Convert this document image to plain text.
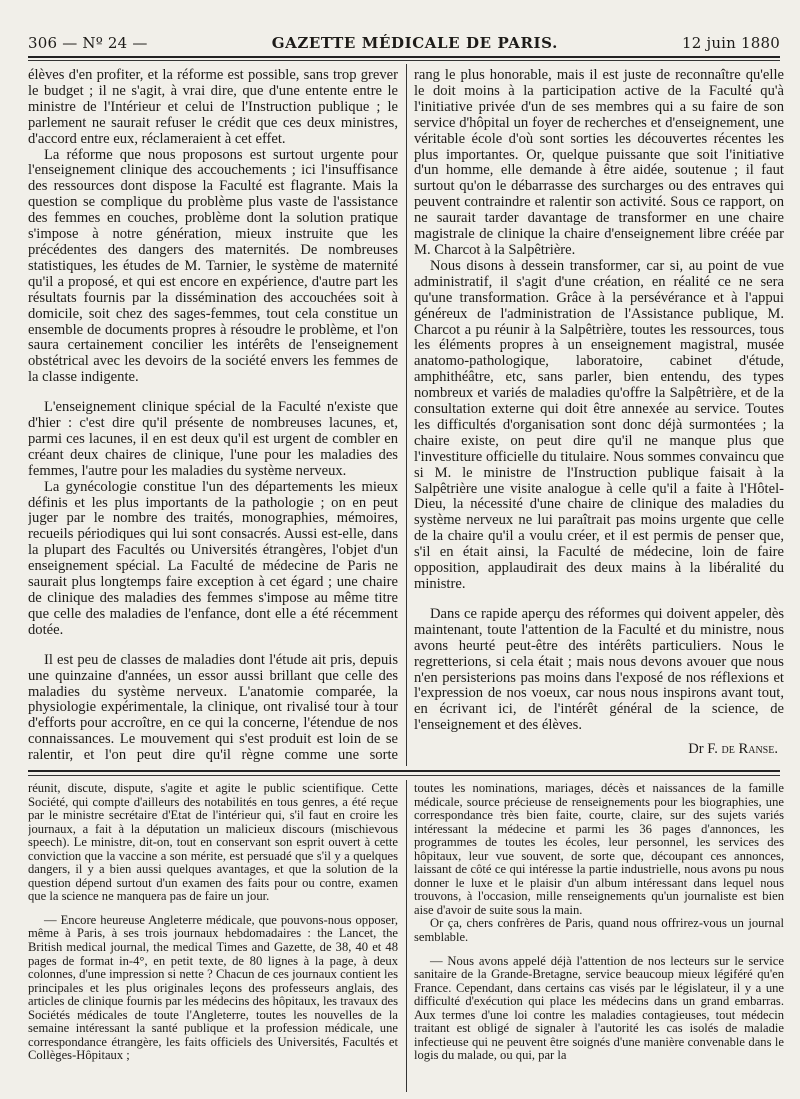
306 — Nº 24 —	GAZETTE MÉDICALE DE PARIS.	12 juin 1880

élèves d'en profiter, et la réforme est possible, sans trop grever le budget ; il ne s'agit, à vrai dire, que d'une entente entre le ministre de l'Intérieur et celui de l'Instruction publique ; le parlement ne saurait refuser le crédit que ces deux ministres, d'accord entre eux, réclameraient à cet effet.

La réforme que nous proposons est surtout urgente pour l'enseignement clinique des accouchements ; ici l'insuffisance des ressources dont dispose la Faculté est flagrante. Mais la question se complique du problème plus vaste de l'assistance des femmes en couches, problème dont la solution pratique s'impose à notre génération, mieux instruite que les précédentes des dangers des maternités. De nombreuses statistiques, les études de M. Tarnier, le système de maternité qu'il a proposé, et qui est encore en expérience, d'autre part les résultats fournis par la dissémination des accouchées soit à domicile, soit chez des sages-femmes, tout cela constitue un ensemble de documents propres à résoudre le problème, et l'on saura certainement concilier les intérêts de l'enseignement obstétrical avec les devoirs de la société envers les femmes de la classe indigente.

L'enseignement clinique spécial de la Faculté n'existe que d'hier : c'est dire qu'il présente de nombreuses lacunes, et, parmi ces lacunes, il en est deux qu'il est urgent de combler en créant deux chaires de clinique, l'une pour les maladies des femmes, l'autre pour les maladies du système nerveux.

La gynécologie constitue l'un des départements les mieux définis et les plus importants de la pathologie ; on en peut juger par le nombre des traités, monographies, mémoires, recueils périodiques qui lui sont consacrés. Aussi est-elle, dans la plupart des Facultés ou Universités étrangères, l'objet d'un enseignement spécial. La Faculté de médecine de Paris ne saurait plus longtemps faire exception à cet égard ; une chaire de clinique des maladies des femmes s'impose au même titre que celle des maladies de l'enfance, dont elle a été récemment dotée.

Il est peu de classes de maladies dont l'étude ait pris, depuis une quinzaine d'années, un essor aussi brillant que celle des maladies du système nerveux. L'anatomie comparée, la physiologie expérimentale, la clinique, ont rivalisé tour à tour d'efforts pour accroître, en ce qui la concerne, l'étendue de nos connaissances. Le mouvement qui s'est produit est loin de se ralentir, et l'on peut dire qu'il règne comme une sorte

rang le plus honorable, mais il est juste de reconnaître qu'elle le doit moins à la participation active de la Faculté qu'à l'initiative privée d'un de ses membres qui a su faire de son service d'hôpital un foyer de recherches et d'enseignement, une véritable école d'où sont sorties les découvertes récentes les plus importantes. Or, quelque puissante que soit l'initiative d'un homme, elle demande à être aidée, soutenue ; il faut surtout qu'on le débarrasse des surcharges ou des entraves qui peuvent contraindre et ralentir son activité. Sous ce rapport, on ne saurait tarder davantage de transformer en une chaire magistrale de clinique la chaire d'enseignement libre créée par M. Charcot à la Salpêtrière.

Nous disons à dessein transformer, car si, au point de vue administratif, il s'agit d'une création, en réalité ce ne sera qu'une transformation. Grâce à la persévérance et à l'appui généreux de l'administration de l'Assistance publique, M. Charcot a pu réunir à la Salpêtrière, toutes les ressources, tous les éléments propres à un enseignement magistral, musée anatomo-pathologique, laboratoire, cabinet d'étude, amphithéâtre, etc, sans parler, bien entendu, des types nombreux et variés de maladies qu'offre la Salpêtrière, et de la consultation externe qui doit être annexée au service. Toutes les difficultés d'organisation sont donc déjà surmontées ; la chaire existe, on peut dire qu'il ne manque plus que l'investiture officielle du titulaire. Nous sommes convaincu que si M. le ministre de l'Instruction publique faisait à la Salpêtrière une visite analogue à celle qu'il a faite à l'Hôtel-Dieu, la nécessité d'une chaire de clinique des maladies du système nerveux ne lui paraîtrait pas moins urgente que celle de la chaire qu'il a voulu créer, et il est permis de penser que, s'il en était ainsi, la Faculté de médecine, loin de faire opposition, applaudirait des deux mains à la libéralité du ministre.

Dans ce rapide aperçu des réformes qui doivent appeler, dès maintenant, toute l'attention de la Faculté et du ministre, nous avons heurté peut-être des intérêts particuliers. Nous le regretterions, si cela était ; mais nous devons avouer que nous n'en persisterions pas moins dans l'exposé de nos réflexions et l'expression de nos voeux, car nous nous inspirons avant tout, en écrivant ici, de l'intérêt général de la science, de l'enseignement et des élèves.

Dr F. de Ranse.

réunit, discute, dispute, s'agite et agite le public scientifique. Cette Société, qui compte d'ailleurs des notabilités en tous genres, a été reçue par le ministre secrétaire d'Etat de l'intérieur qui, s'il faut en croire les journaux, a fait à la députation un malicieux discours (mischievous speech). Le ministre, dit-on, tout en conservant son esprit ouvert à cette conviction que la vaccine a son mérite, est persuadé que s'il y a quelques dangers, il y a bien aussi quelques avantages, et que la solution de la question dépend surtout d'un examen des faits pour ou contre, examen que la science ne manquera pas de faire un jour.

— Encore heureuse Angleterre médicale, que pouvons-nous opposer, même à Paris, à ses trois journaux hebdomadaires : the Lancet, the British medical journal, the medical Times and Gazette, de 38, 40 et 48 pages de format in-4°, en petit texte, de 80 lignes à la page, à deux colonnes, d'une impression si nette ? Chacun de ces journaux contient les principales et les plus originales leçons des professeurs anglais, des articles de clinique fournis par les médecins des hôpitaux, les travaux des Sociétés médicales de toute l'Angleterre, toutes les nouvelles de la semaine intéressant la santé publique et la profession médicale, une correspondance étrangère, les faits officiels des Universités, Facultés et Collèges-Hôpitaux ;

toutes les nominations, mariages, décès et naissances de la famille médicale, source précieuse de renseignements pour les biographies, une correspondance très bien faite, courte, claire, sur des sujets variés intéressant la médecine et parmi les 36 pages d'annonces, les programmes de toutes les écoles, leur personnel, les services des hôpitaux, leur vue souvent, de sorte que, découpant ces annonces, laissant de côté ce qui intéresse la partie industrielle, nous avons pu nous donner le luxe et le plaisir d'un album intéressant dans lequel nous trouvons, à l'occasion, mille renseignements qu'un journaliste est bien aise d'avoir de suite sous la main.

Or ça, chers confrères de Paris, quand nous offrirez-vous un journal semblable.

— Nous avons appelé déjà l'attention de nos lecteurs sur le service sanitaire de la Grande-Bretagne, service beaucoup mieux légiféré qu'en France. Cependant, dans certains cas visés par le législateur, il y a une difficulté d'exécution qui place les médecins dans un grand embarras. Aux termes d'une loi contre les maladies contagieuses, tout médecin traitant est obligé de signaler à l'autorité les cas isolés de maladie infectieuse qui ne peuvent être soignés d'une manière convenable dans le logis du malade, ou qui, par la
